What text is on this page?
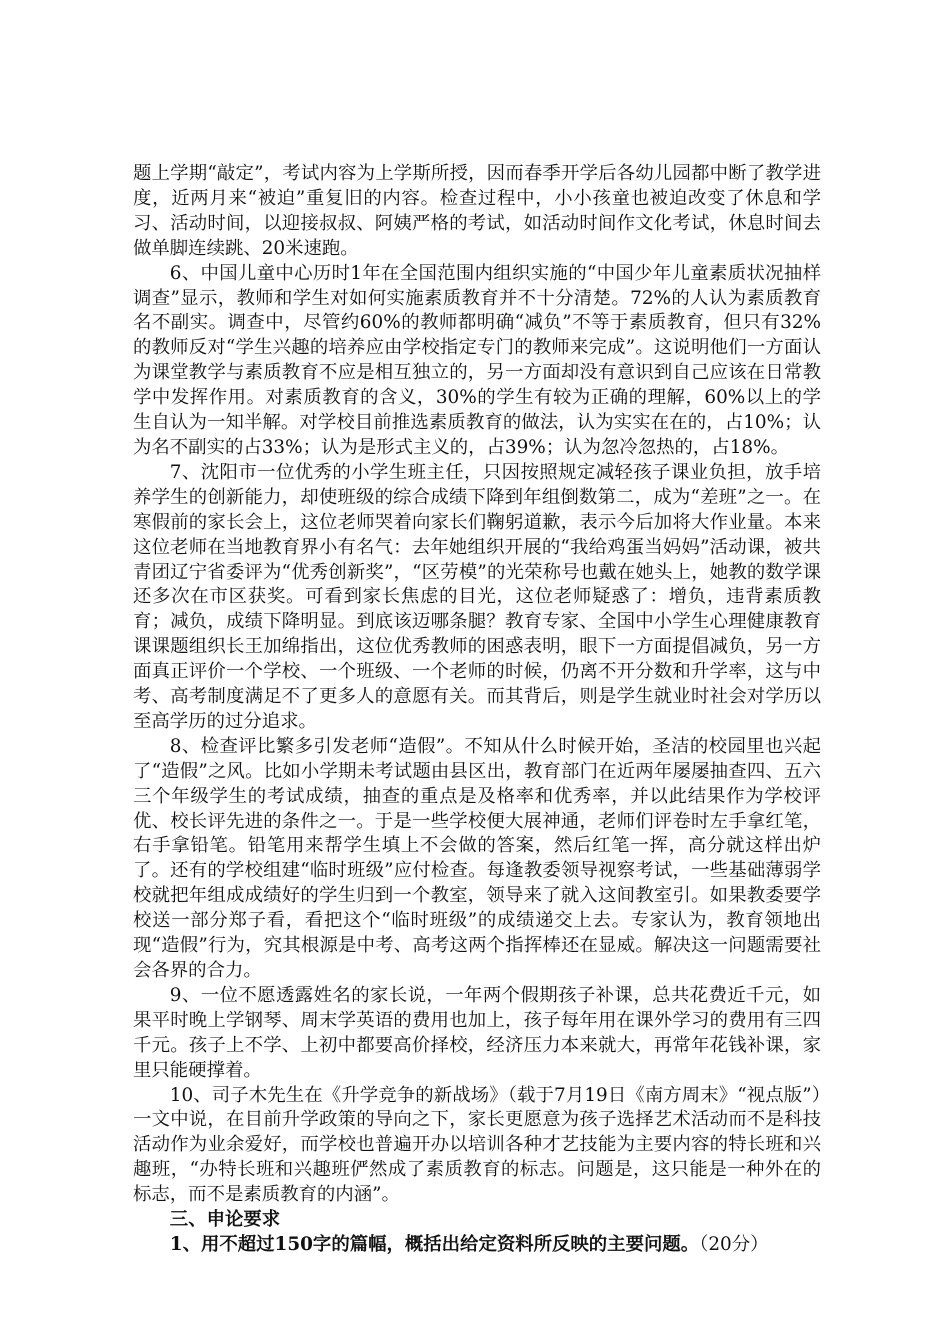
题上学期“敲定”，考试内容为上学斯所授，因而春季开学后各幼儿园都中断了教学进度，近两月来“被迫”重复旧的内容。检查过程中，小小孩童也被迫改变了休息和学习、活动时间，以迎接叔叔、阿姨严格的考试，如活动时间作文化考试，休息时间去做单脚连续跳、20米速跑。

6、中国儿童中心历时1年在全国范围内组织实施的“中国少年儿童素质状况抽样调查”显示，教师和学生对如何实施素质教育并不十分清楚。72%的人认为素质教育名不副实。调查中，尽管约60%的教师都明确“减负”不等于素质教育，但只有32%的教师反对“学生兴趣的培养应由学校指定专门的教师来完成”。这说明他们一方面认为课堂教学与素质教育不应是相互独立的，另一方面却没有意识到自己应该在日常教学中发挥作用。对素质教育的含义，30%的学生有较为正确的理解，60%以上的学生自认为一知半解。对学校目前推选素质教育的做法，认为实实在在的，占10%；认为名不副实的占33%；认为是形式主义的，占39%；认为忽冷忽热的，占18%。

7、沈阳市一位优秀的小学生班主任，只因按照规定减轻孩子课业负担，放手培养学生的创新能力，却使班级的综合成绩下降到年组倒数第二，成为“差班”之一。在寒假前的家长会上，这位老师哭着向家长们鞠躬道歉，表示今后加将大作业量。本来这位老师在当地教育界小有名气：去年她组织开展的“我给鸡蛋当妈妈”活动课，被共青团辽宁省委评为“优秀创新奖”，“区劳模”的光荣称号也戴在她头上，她教的数学课还多次在市区获奖。可看到家长焦虑的目光，这位老师疑惑了：增负，违背素质教育；减负，成绩下降明显。到底该迈哪条腿？教育专家、全国中小学生心理健康教育课课题组织长王加绵指出，这位优秀教师的困惑表明，眼下一方面提倡减负，另一方面真正评价一个学校、一个班级、一个老师的时候，仍离不开分数和升学率，这与中考、高考制度满足不了更多人的意愿有关。而其背后，则是学生就业时社会对学历以至高学历的过分追求。

8、检查评比繁多引发老师“造假”。不知从什么时候开始，圣洁的校园里也兴起了“造假”之风。比如小学期未考试题由县区出，教育部门在近两年屡屡抽查四、五六三个年级学生的考试成绩，抽查的重点是及格率和优秀率，并以此结果作为学校评优、校长评先进的条件之一。于是一些学校便大展神通，老师们评卷时左手拿红笔，右手拿铅笔。铅笔用来帮学生填上不会做的答案，然后红笔一挥，高分就这样出炉了。还有的学校组建“临时班级”应付检查。每逢教委领导视察考试，一些基础薄弱学校就把年组成成绩好的学生归到一个教室，领导来了就入这间教室引。如果教委要学校送一部分郑子看，看把这个“临时班级”的成绩递交上去。专家认为，教育领地出现“造假”行为，究其根源是中考、高考这两个指挥棒还在显威。解决这一问题需要社会各界的合力。

9、一位不愿透露姓名的家长说，一年两个假期孩子补课，总共花费近千元，如果平时晚上学钢琴、周末学英语的费用也加上，孩子每年用在课外学习的费用有三四千元。孩子上不学、上初中都要高价择校，经济压力本来就大，再常年花钱补课，家里只能硬撑着。

10、司子木先生在《升学竞争的新战场》（载于7月19日《南方周末》“视点版”）一文中说，在目前升学政策的导向之下，家长更愿意为孩子选择艺术活动而不是科技活动作为业余爱好，而学校也普遍开办以培训各种才艺技能为主要内容的特长班和兴趣班，“办特长班和兴趣班俨然成了素质教育的标志。问题是，这只能是一种外在的标志，而不是素质教育的内涵”。

三、申论要求

1、用不超过150字的篇幅，概括出给定资料所反映的主要问题。（20分）
